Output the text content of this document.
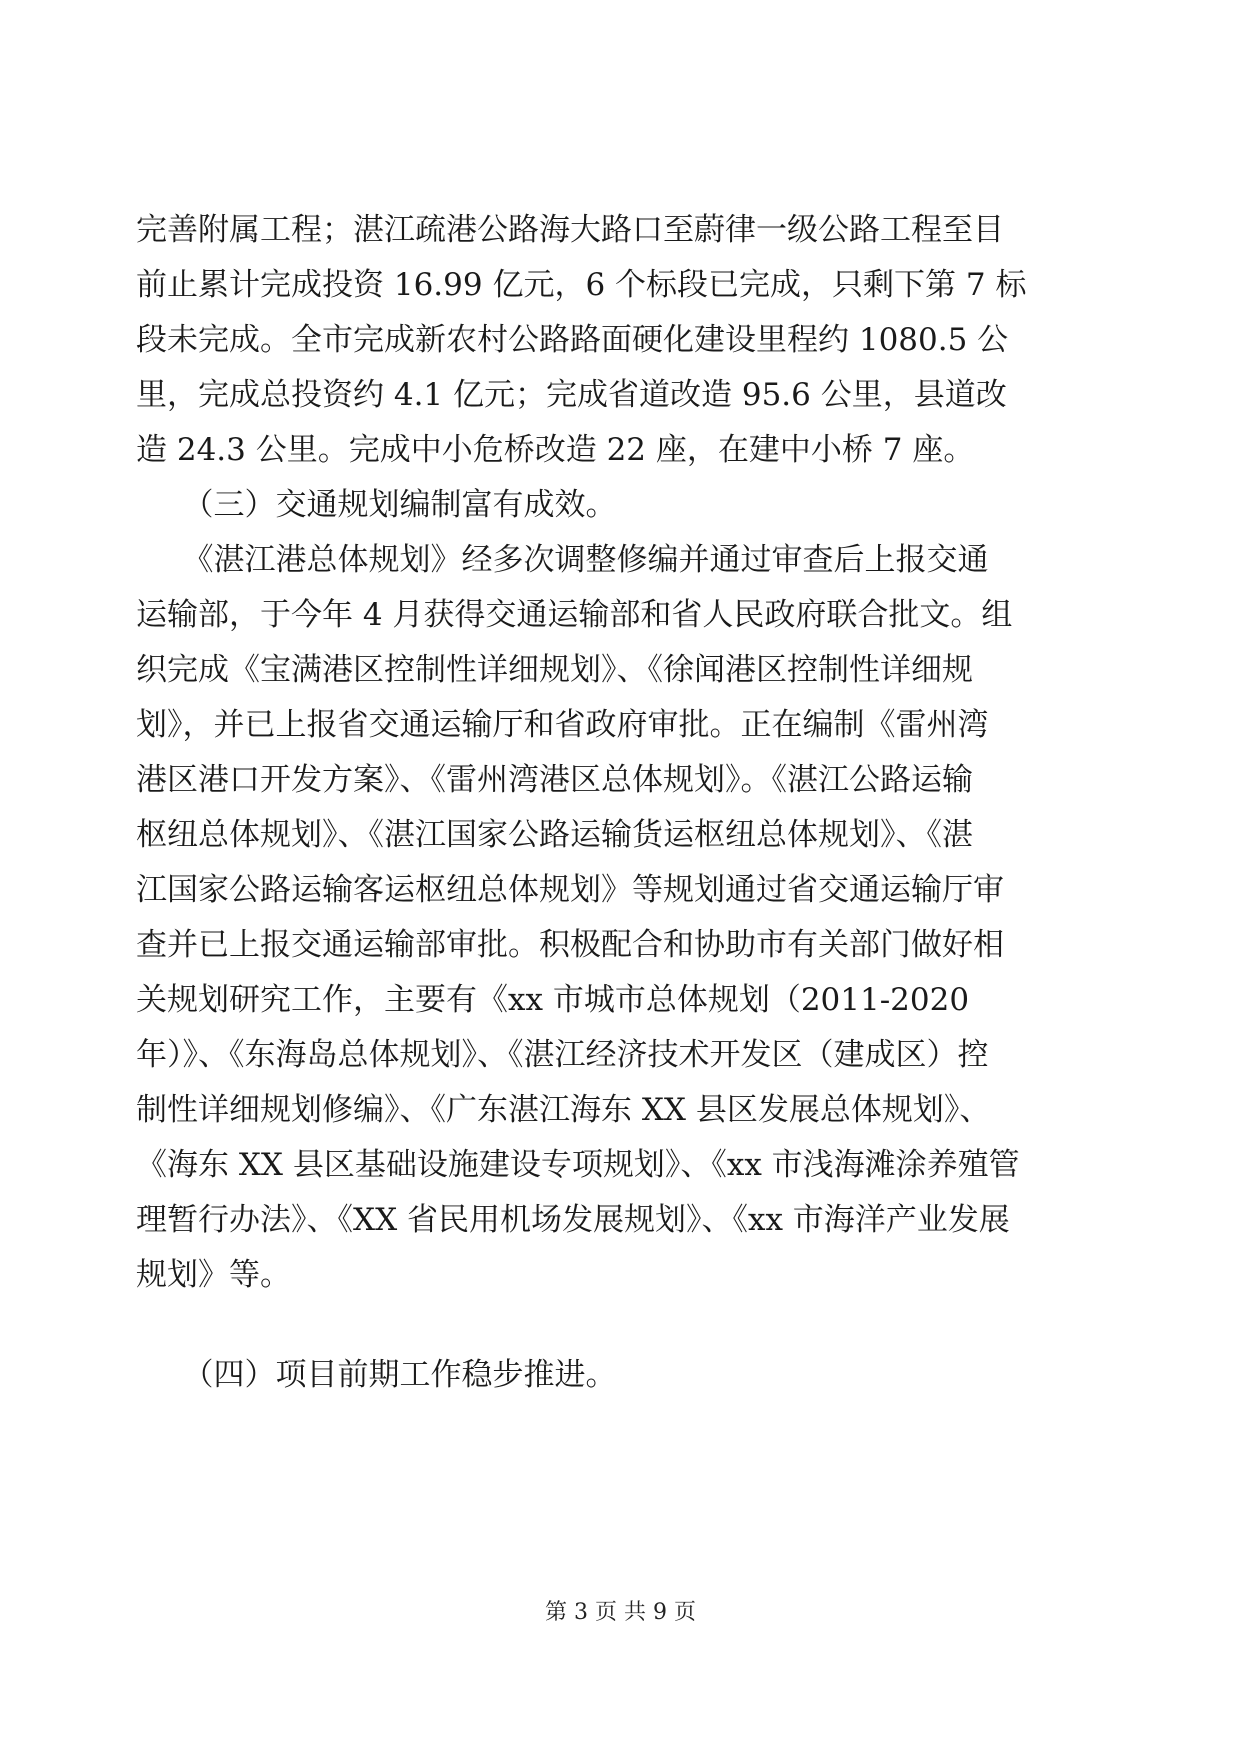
完善附属工程；湛江疏港公路海大路口至蔚律一级公路工程至目
前止累计完成投资 16.99 亿元，6 个标段已完成，只剩下第 7 标
段未完成。全市完成新农村公路路面硬化建设里程约 1080.5 公
里，完成总投资约 4.1 亿元；完成省道改造 95.6 公里，县道改
造 24.3 公里。完成中小危桥改造 22 座，在建中小桥 7 座。
　　（三）交通规划编制富有成效。
　　《湛江港总体规划》经多次调整修编并通过审查后上报交通
运输部，于今年 4 月获得交通运输部和省人民政府联合批文。组
织完成《宝满港区控制性详细规划》、《徐闻港区控制性详细规
划》，并已上报省交通运输厅和省政府审批。正在编制《雷州湾
港区港口开发方案》、《雷州湾港区总体规划》。《湛江公路运输
枢纽总体规划》、《湛江国家公路运输货运枢纽总体规划》、《湛
江国家公路运输客运枢纽总体规划》等规划通过省交通运输厅审
查并已上报交通运输部审批。积极配合和协助市有关部门做好相
关规划研究工作，主要有《xx 市城市总体规划（2011-2020
年）》、《东海岛总体规划》、《湛江经济技术开发区（建成区）控
制性详细规划修编》、《广东湛江海东 XX 县区发展总体规划》、
《海东 XX 县区基础设施建设专项规划》、《xx 市浅海滩涂养殖管
理暂行办法》、《XX 省民用机场发展规划》、《xx 市海洋产业发展
规划》等。
　　（四）项目前期工作稳步推进。
第 3 页 共 9 页
